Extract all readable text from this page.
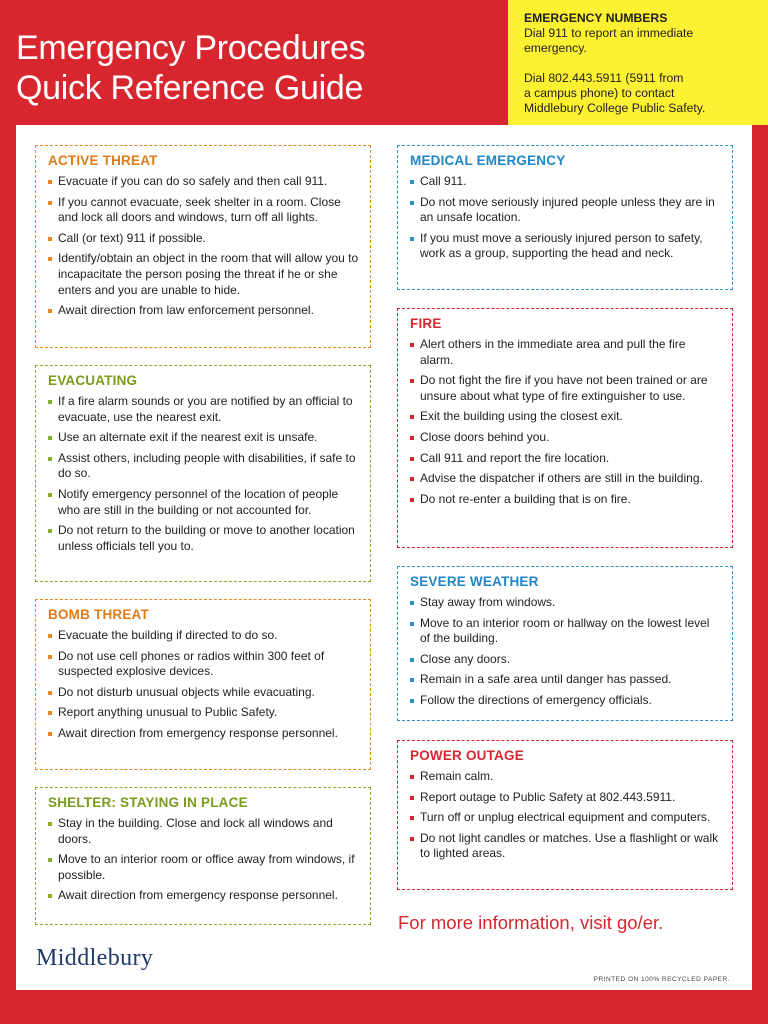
Emergency Procedures
Quick Reference Guide

EMERGENCY NUMBERS

Dial 911 to report an immediate

emergency.

Dial 802.443.5911 (5911 from

a campus phone) to contact

Middlebury College Public Safety.

ACTIVE THREAT
Evacuate if you can do so safely and then call 911.
If you cannot evacuate, seek shelter in a room. Close and lock all doors and windows, turn off all lights.
Call (or text) 911 if possible.
Identify/obtain an object in the room that will allow you to incapacitate the person posing the threat if he or she enters and you are unable to hide.
Await direction from law enforcement personnel.
EVACUATING
If a fire alarm sounds or you are notified by an official to evacuate, use the nearest exit.
Use an alternate exit if the nearest exit is unsafe.
Assist others, including people with disabilities, if safe to do so.
Notify emergency personnel of the location of people who are still in the building or not accounted for.
Do not return to the building or move to another location unless officials tell you to.
BOMB THREAT
Evacuate the building if directed to do so.
Do not use cell phones or radios within 300 feet of suspected explosive devices.
Do not disturb unusual objects while evacuating.
Report anything unusual to Public Safety.
Await direction from emergency response personnel.
SHELTER: STAYING IN PLACE
Stay in the building. Close and lock all windows and doors.
Move to an interior room or office away from windows, if possible.
Await direction from emergency response personnel.
MEDICAL EMERGENCY
Call 911.
Do not move seriously injured people unless they are in an unsafe location.
If you must move a seriously injured person to safety, work as a group, supporting the head and neck.
FIRE
Alert others in the immediate area and pull the fire alarm.
Do not fight the fire if you have not been trained or are unsure about what type of fire extinguisher to use.
Exit the building using the closest exit.
Close doors behind you.
Call 911 and report the fire location.
Advise the dispatcher if others are still in the building.
Do not re-enter a building that is on fire.
SEVERE WEATHER
Stay away from windows.
Move to an interior room or hallway on the lowest level of the building.
Close any doors.
Remain in a safe area until danger has passed.
Follow the directions of emergency officials.
POWER OUTAGE
Remain calm.
Report outage to Public Safety at 802.443.5911.
Turn off or unplug electrical equipment and computers.
Do not light candles or matches. Use a flashlight or walk to lighted areas.

For more information, visit go/er.

Middlebury
PRINTED ON 100% RECYCLED PAPER.
